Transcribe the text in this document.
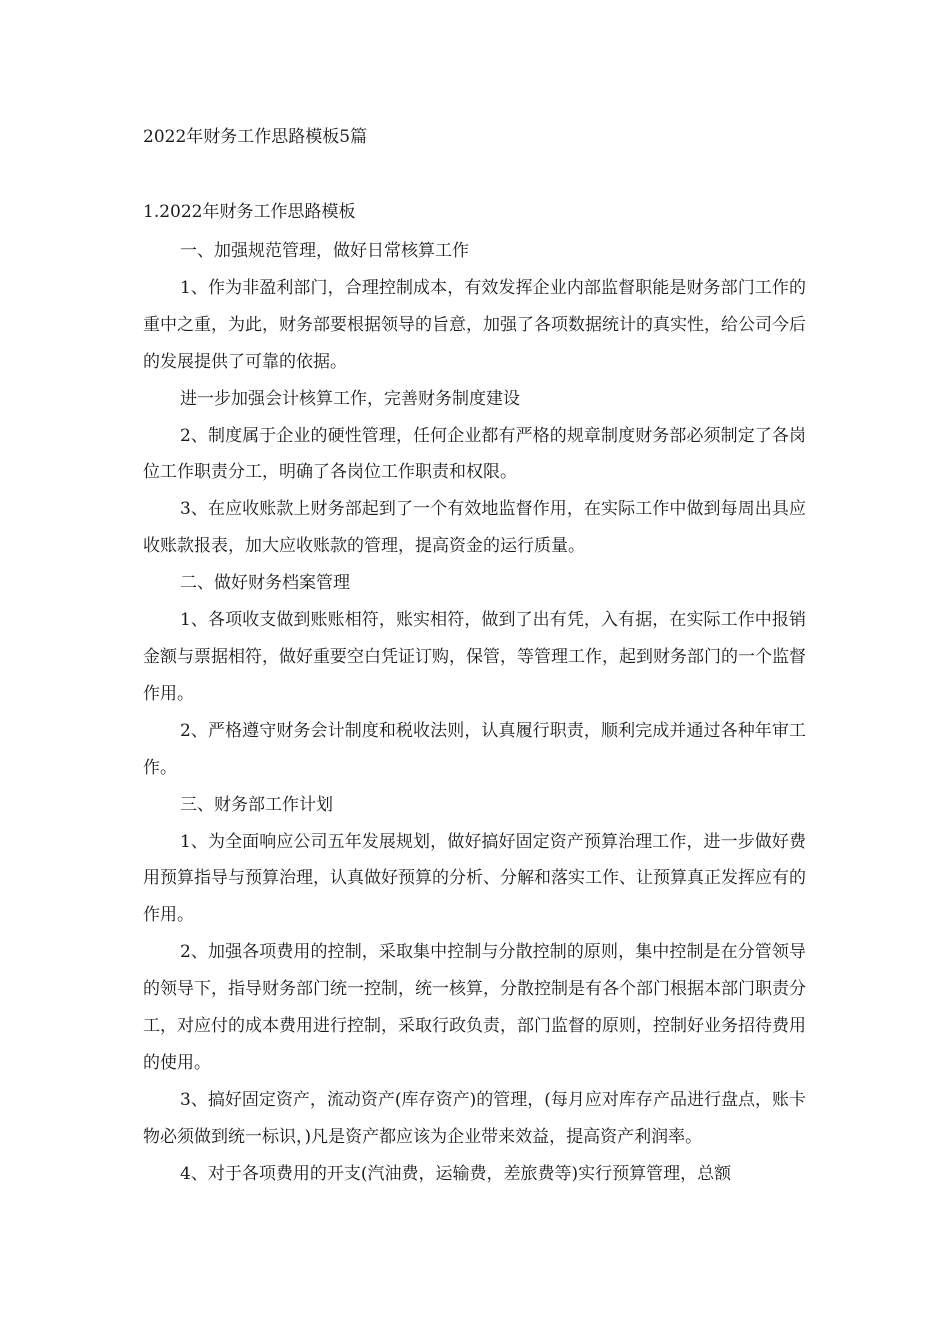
2022年财务工作思路模板5篇
1.2022年财务工作思路模板

一、加强规范管理，做好日常核算工作

1、作为非盈利部门，合理控制成本，有效发挥企业内部监督职能是财务部门工作的重中之重，为此，财务部要根据领导的旨意，加强了各项数据统计的真实性，给公司今后的发展提供了可靠的依据。

进一步加强会计核算工作，完善财务制度建设

2、制度属于企业的硬性管理，任何企业都有严格的规章制度财务部必须制定了各岗位工作职责分工，明确了各岗位工作职责和权限。

3、在应收账款上财务部起到了一个有效地监督作用，在实际工作中做到每周出具应收账款报表，加大应收账款的管理，提高资金的运行质量。

二、做好财务档案管理

1、各项收支做到账账相符，账实相符，做到了出有凭，入有据，在实际工作中报销金额与票据相符，做好重要空白凭证订购，保管，等管理工作，起到财务部门的一个监督作用。

2、严格遵守财务会计制度和税收法则，认真履行职责，顺利完成并通过各种年审工作。

三、财务部工作计划

1、为全面响应公司五年发展规划，做好搞好固定资产预算治理工作，进一步做好费用预算指导与预算治理，认真做好预算的分析、分解和落实工作、让预算真正发挥应有的作用。

2、加强各项费用的控制，采取集中控制与分散控制的原则，集中控制是在分管领导的领导下，指导财务部门统一控制，统一核算，分散控制是有各个部门根据本部门职责分工，对应付的成本费用进行控制，采取行政负责，部门监督的原则，控制好业务招待费用的使用。

3、搞好固定资产，流动资产(库存资产)的管理，(每月应对库存产品进行盘点，账卡物必须做到统一标识，)凡是资产都应该为企业带来效益，提高资产利润率。

4、对于各项费用的开支(汽油费，运输费，差旅费等)实行预算管理，总额
